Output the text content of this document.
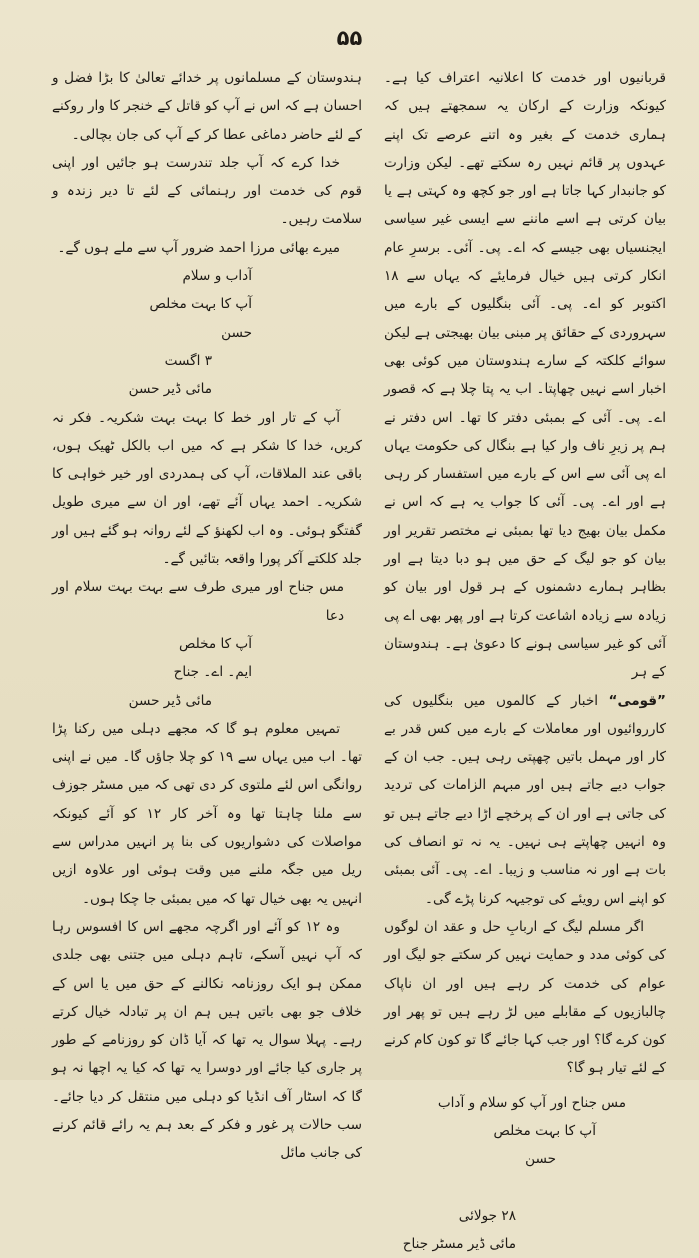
۵۵

قربانیوں اور خدمت کا اعلانیہ اعتراف کیا ہے۔ کیونکہ وزارت کے ارکان یہ سمجھتے ہیں کہ ہماری خدمت کے بغیر وہ اتنے عرصے تک اپنے عہدوں پر قائم نہیں رہ سکتے تھے۔ لیکن وزارت کو جانبدار کہا جاتا ہے اور جو کچھ وہ کہتی ہے یا بیان کرتی ہے اسے ماننے سے ایسی غیر سیاسی ایجنسیاں بھی جیسے کہ اے۔ پی۔ آئی۔ برسرِ عام انکار کرتی ہیں خیال فرمایئے کہ یہاں سے ۱۸ اکتوبر کو اے۔ پی۔ آئی بنگلیوں کے بارے میں سہروردی کے حقائق پر مبنی بیان بھیجتی ہے لیکن سوائے کلکتہ کے سارے ہندوستان میں کوئی بھی اخبار اسے نہیں چھاپتا۔ اب یہ پتا چلا ہے کہ قصور اے۔ پی۔ آئی کے بمبئی دفتر کا تھا۔ اس دفتر نے ہم پر زیرِ ناف وار کیا ہے بنگال کی حکومت یہاں اے پی آئی سے اس کے بارے میں استفسار کر رہی ہے اور اے۔ پی۔ آئی کا جواب یہ ہے کہ اس نے مکمل بیان بھیج دیا تھا بمبئی نے مختصر تقریر اور بیان کو جو لیگ کے حق میں ہو دبا دیتا ہے اور بظاہر ہمارے دشمنوں کے ہر قول اور بیان کو زیادہ سے زیادہ اشاعت کرتا ہے اور پھر بھی اے پی آئی کو غیر سیاسی ہونے کا دعویٰ ہے۔ ہندوستان کے ہر

”قومی“ اخبار کے کالموں میں بنگلیوں کی کارروائیوں اور معاملات کے بارے میں کس قدر بے کار اور مہمل باتیں چھپتی رہی ہیں۔ جب ان کے جواب دیے جاتے ہیں اور مبہم الزامات کی تردید کی جاتی ہے اور ان کے پرخچے اڑا دیے جاتے ہیں تو وہ انہیں چھاپتے ہی نہیں۔ یہ نہ تو انصاف کی بات ہے اور نہ مناسب و زیبا۔ اے۔ پی۔ آئی بمبئی کو اپنے اس رویئے کی توجیہہ کرنا پڑے گی۔

اگر مسلم لیگ کے اربابِ حل و عقد ان لوگوں کی کوئی مدد و حمایت نہیں کر سکتے جو لیگ اور عوام کی خدمت کر رہے ہیں اور ان ناپاک چالبازیوں کے مقابلے میں لڑ رہے ہیں تو پھر اور کون کرے گا؟ اور جب کہا جائے گا تو کون کام کرنے کے لئے تیار ہو گا؟

مس جناح اور آپ کو سلام و آداب

آپ کا بہت مخلص

حسن

۲۸ جولائی

مائی ڈیر مسٹر جناح

ہندوستان کے مسلمانوں پر خدائے تعالیٰ کا بڑا فضل و احسان ہے کہ اس نے آپ کو قاتل کے خنجر کا وار روکنے کے لئے حاضر دماغی عطا کر کے آپ کی جان بچالی۔

خدا کرے کہ آپ جلد تندرست ہو جائیں اور اپنی قوم کی خدمت اور رہنمائی کے لئے تا دیر زندہ و سلامت رہیں۔

میرے بھائی مرزا احمد ضرور آپ سے ملے ہوں گے۔

آداب و سلام

آپ کا بہت مخلص

حسن

۳ اگست

مائی ڈیر حسن

آپ کے تار اور خط کا بہت بہت شکریہ۔ فکر نہ کریں، خدا کا شکر ہے کہ میں اب بالکل ٹھیک ہوں، باقی عند الملاقات، آپ کی ہمدردی اور خیر خواہی کا شکریہ۔ احمد یہاں آئے تھے، اور ان سے میری طویل گفتگو ہوئی۔ وہ اب لکھنؤ کے لئے روانہ ہو گئے ہیں اور جلد کلکتے آکر پورا واقعہ بتائیں گے۔

مس جناح اور میری طرف سے بہت بہت سلام اور دعا

آپ کا مخلص

ایم۔ اے۔ جناح

مائی ڈیر حسن

تمہیں معلوم ہو گا کہ مجھے دہلی میں رکنا پڑا تھا۔ اب میں یہاں سے ۱۹ کو چلا جاؤں گا۔ میں نے اپنی روانگی اس لئے ملتوی کر دی تھی کہ میں مسٹر جوزف سے ملنا چاہتا تھا وہ آخر کار ۱۲ کو آئے کیونکہ مواصلات کی دشواریوں کی بنا پر انہیں مدراس سے ریل میں جگہ ملنے میں وقت ہوئی اور علاوہ ازیں انہیں یہ بھی خیال تھا کہ میں بمبئی جا چکا ہوں۔

وہ ۱۲ کو آئے اور اگرچہ مجھے اس کا افسوس رہا کہ آپ نہیں آسکے، تاہم دہلی میں جتنی بھی جلدی ممکن ہو ایک روزنامہ نکالنے کے حق میں یا اس کے خلاف جو بھی باتیں ہیں ہم ان پر تبادلہ خیال کرتے رہے۔ پہلا سوال یہ تھا کہ آیا ڈان کو روزنامے کے طور پر جاری کیا جائے اور دوسرا یہ تھا کہ کیا یہ اچھا نہ ہو گا کہ اسٹار آف انڈیا کو دہلی میں منتقل کر دیا جائے۔ سب حالات پر غور و فکر کے بعد ہم یہ رائے قائم کرنے کی جانب مائل
